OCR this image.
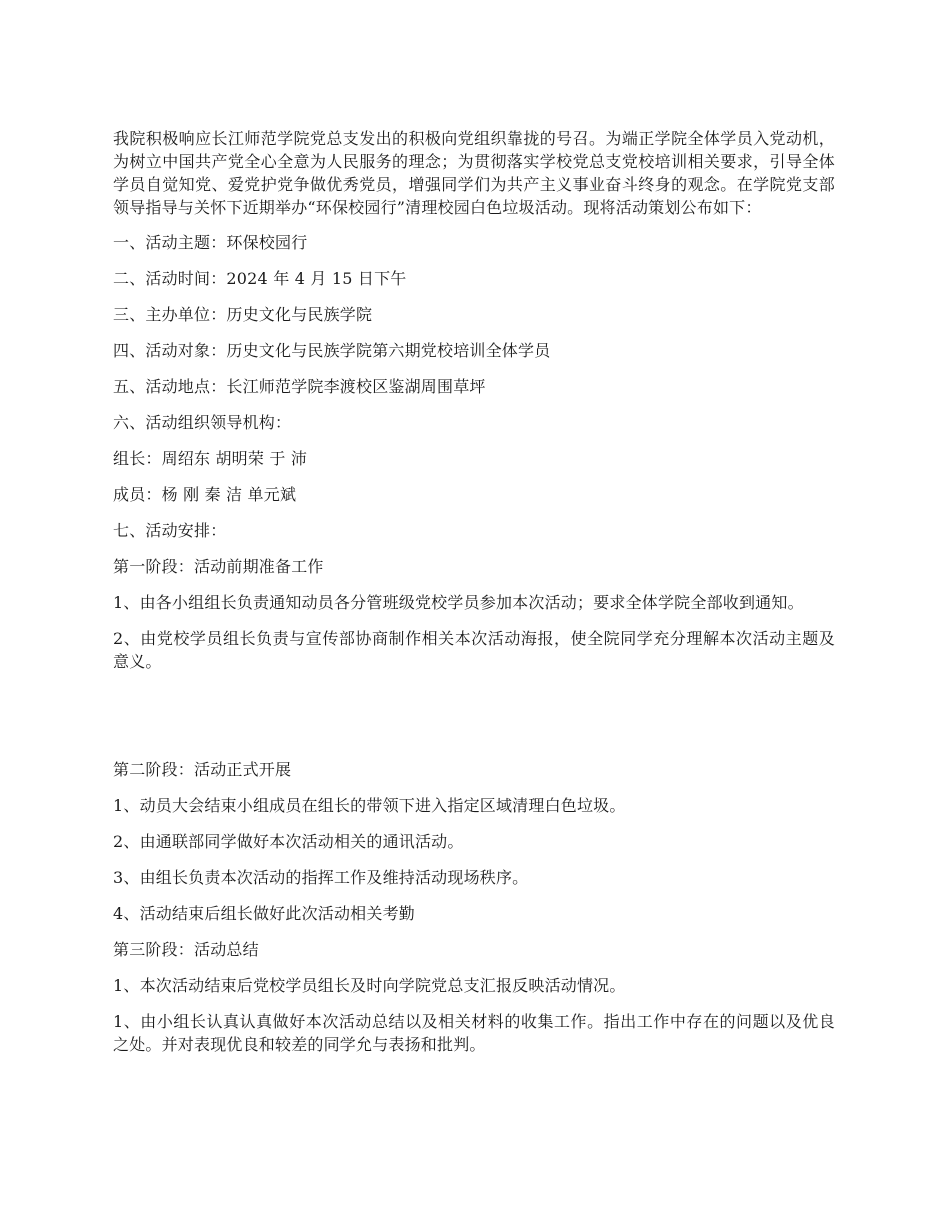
我院积极响应长江师范学院党总支发出的积极向党组织靠拢的号召。为端正学院全体学员入党动机，为树立中国共产党全心全意为人民服务的理念；为贯彻落实学校党总支党校培训相关要求，引导全体学员自觉知党、爱党护党争做优秀党员，增强同学们为共产主义事业奋斗终身的观念。在学院党支部领导指导与关怀下近期举办“环保校园行”清理校园白色垃圾活动。现将活动策划公布如下：

一、活动主题：环保校园行

二、活动时间：2024 年 4 月 15 日下午

三、主办单位：历史文化与民族学院

四、活动对象：历史文化与民族学院第六期党校培训全体学员

五、活动地点：长江师范学院李渡校区鉴湖周围草坪

六、活动组织领导机构：

组长：周绍东 胡明荣 于 沛

成员：杨 刚 秦 洁 单元斌

七、活动安排：

第一阶段：活动前期准备工作

1、由各小组组长负责通知动员各分管班级党校学员参加本次活动；要求全体学院全部收到通知。

2、由党校学员组长负责与宣传部协商制作相关本次活动海报，使全院同学充分理解本次活动主题及意义。

第二阶段：活动正式开展

1、动员大会结束小组成员在组长的带领下进入指定区域清理白色垃圾。

2、由通联部同学做好本次活动相关的通讯活动。

3、由组长负责本次活动的指挥工作及维持活动现场秩序。

4、活动结束后组长做好此次活动相关考勤

第三阶段：活动总结

1、本次活动结束后党校学员组长及时向学院党总支汇报反映活动情况。

1、由小组长认真认真做好本次活动总结以及相关材料的收集工作。指出工作中存在的问题以及优良之处。并对表现优良和较差的同学允与表扬和批判。
